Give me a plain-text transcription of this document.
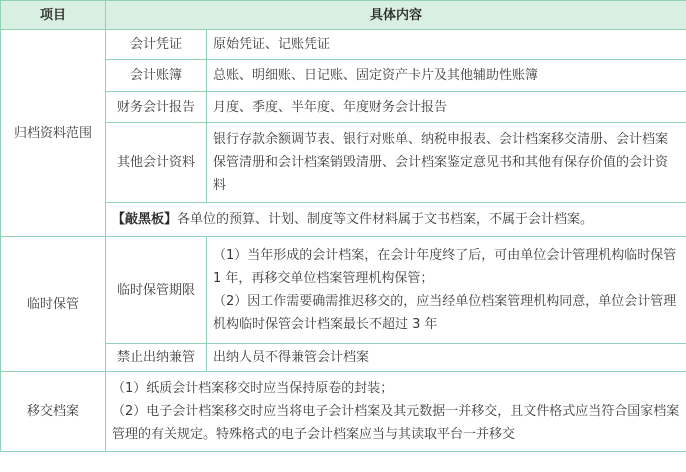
项目	具体内容	
归档资料范围	会计凭证	原始凭证、记账凭证
	会计账簿	总账、明细账、日记账、固定资产卡片及其他辅助性账簿
	财务会计报告	月度、季度、半年度、年度财务会计报告
	其他会计资料	银行存款余额调节表、银行对账单、纳税申报表、会计档案移交清册、会计档案保管清册和会计档案销毁清册、会计档案鉴定意见书和其他有保存价值的会计资料
	【敲黑板】各单位的预算、计划、制度等文件材料属于文书档案，不属于会计档案。	
临时保管	临时保管期限	（1）当年形成的会计档案，在会计年度终了后，可由单位会计管理机构临时保管 1 年，再移交单位档案管理机构保管；
（2）因工作需要确需推迟移交的，应当经单位档案管理机构同意，单位会计管理机构临时保管会计档案最长不超过 3 年

	禁止出纳兼管	出纳人员不得兼管会计档案
移交档案	（1）纸质会计档案移交时应当保持原卷的封装；
（2）电子会计档案移交时应当将电子会计档案及其元数据一并移交，且文件格式应当符合国家档案管理的有关规定。特殊格式的电子会计档案应当与其读取平台一并移交	
